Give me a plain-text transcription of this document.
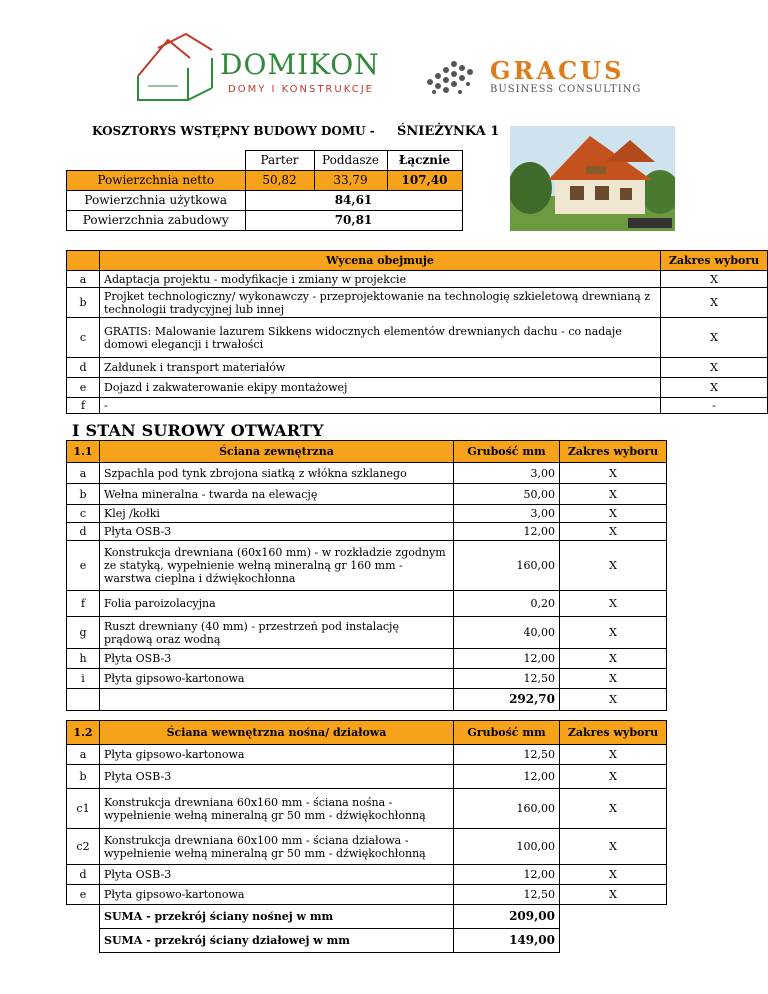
DOMIKON
DOMY I KONSTRUKCJE
GRACUS
BUSINESS CONSULTING
KOSZTORYS WSTĘPNY BUDOWY DOMU - ŚNIEŻYNKA 1
	Parter	Poddasze	Łącznie
Powierzchnia netto	50,82	33,79	107,40
Powierzchnia użytkowa	84,61		
Powierzchnia zabudowy	70,81		
	Wycena obejmuje	Zakres wyboru
a	Adaptacja projektu - modyfikacje i zmiany w projekcie	X
b	Projket technologiczny/ wykonawczy - przeprojektowanie na technologię szkieletową drewnianą z technologii tradycyjnej lub innej	X
c	GRATIS: Malowanie lazurem Sikkens widocznych elementów drewnianych dachu - co nadaje domowi elegancji i trwałości	X
d	Załdunek i transport materiałów	X
e	Dojazd i zakwaterowanie ekipy montażowej	X
f	-	-
I STAN SUROWY OTWARTY
1.1	Ściana zewnętrzna	Grubość mm	Zakres wyboru
a	Szpachla pod tynk zbrojona siatką z włókna szklanego	3,00	X
b	Wełna mineralna - twarda na elewację	50,00	X
c	Klej /kołki	3,00	X
d	Płyta OSB-3	12,00	X
e	Konstrukcja drewniana (60x160 mm) - w rozkładzie zgodnym ze statyką, wypełnienie wełną mineralną gr 160 mm - warstwa cieplna i dźwiękochłonna	160,00	X
f	Folia paroizolacyjna	0,20	X
g	Ruszt drewniany (40 mm) - przestrzeń pod instalację prądową oraz wodną	40,00	X
h	Płyta OSB-3	12,00	X
i	Płyta gipsowo-kartonowa	12,50	X
		292,70	X
1.2	Ściana wewnętrzna nośna/ działowa	Grubość mm	Zakres wyboru
a	Płyta gipsowo-kartonowa	12,50	X
b	Płyta OSB-3	12,00	X
c1	Konstrukcja drewniana 60x160 mm - ściana nośna - wypełnienie wełną mineralną gr 50 mm - dźwiękochłonną	160,00	X
c2	Konstrukcja drewniana 60x100 mm - ściana działowa - wypełnienie wełną mineralną gr 50 mm - dźwiękochłonną	100,00	X
d	Płyta OSB-3	12,00	X
e	Płyta gipsowo-kartonowa	12,50	X
	SUMA - przekrój ściany nośnej w mm	209,00	
	SUMA - przekrój ściany działowej w mm	149,00	
